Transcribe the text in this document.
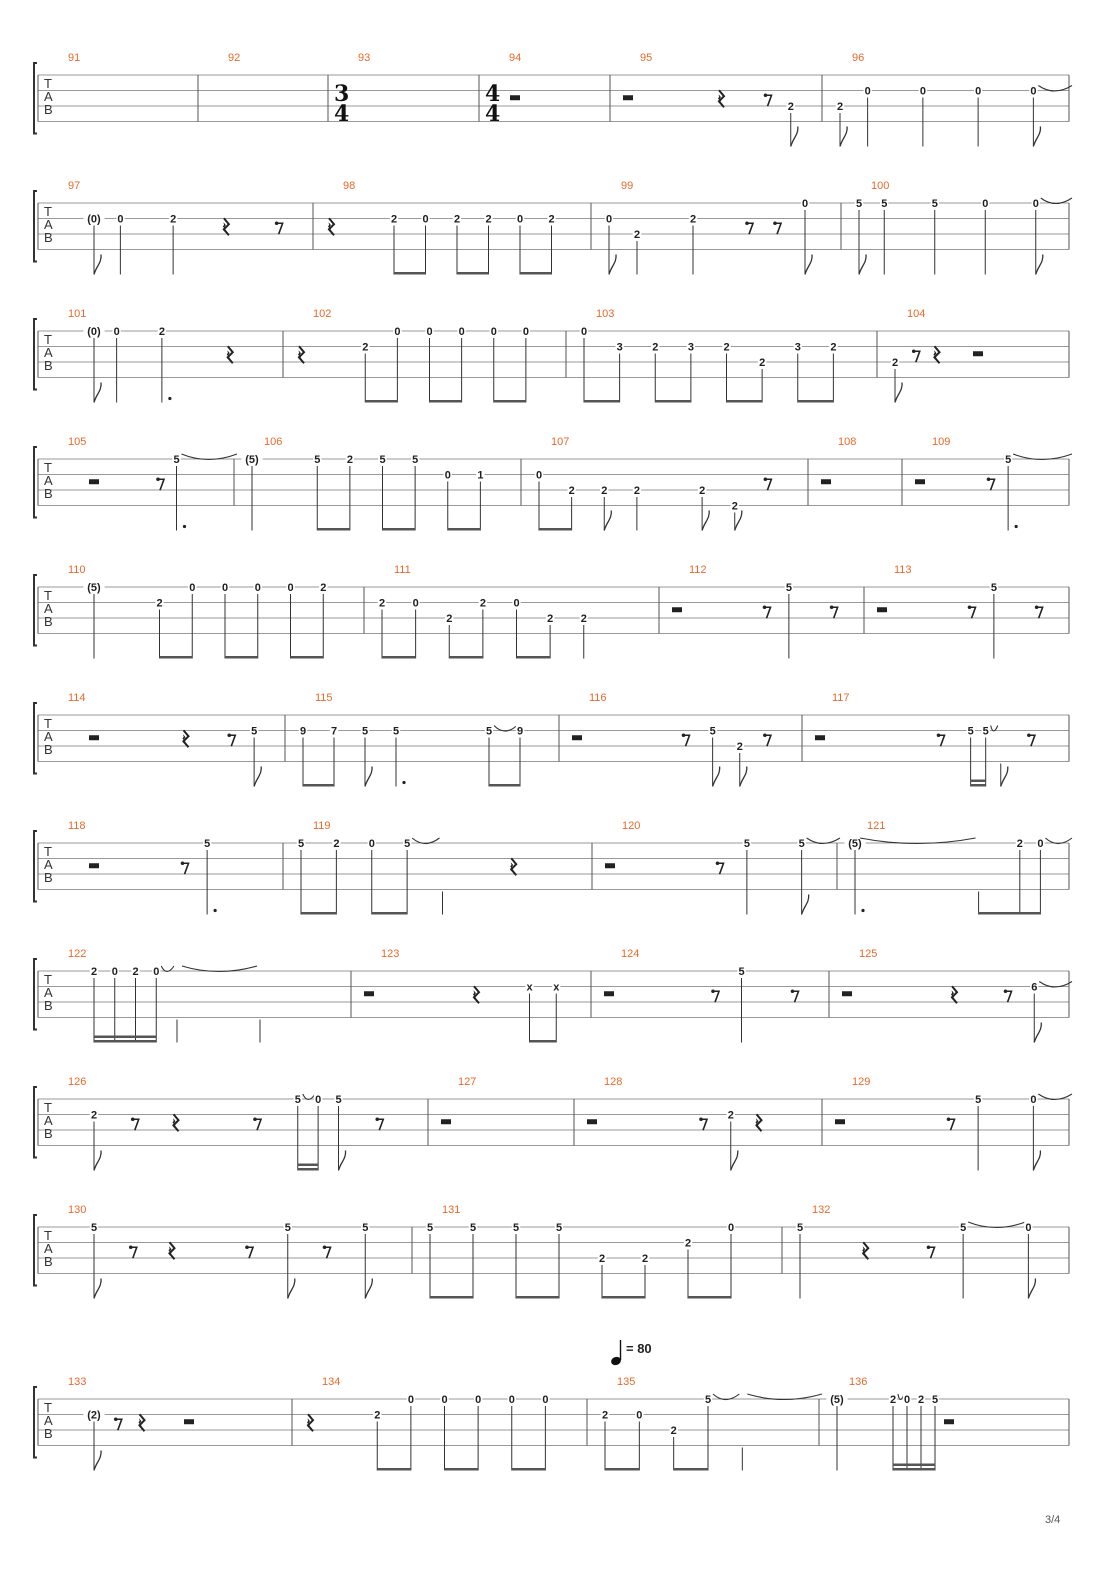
= 80
3/4
T
A
B
91	92	93
3
4
94
4
4
95
𝄽	2
96
2
0	0	0	0
T
A
B
97
(0) 0	2	𝄽
98
𝄽	2 0 2 2 0 2
99
0
2
2
0
100
5 5	5	0	0
T
A
B
101
(0) 0	2
𝄽
102
𝄽	2
0 0 0 0 0
103
0
3	2	3	2
2
3	2
104
2 𝄽
T
A
B
105
5
106
(5)	5 2 5 5
0 1
107
0
2 2 2	2
2
108	109
5
T
A
B
110
(5)
2
0 0 0 0 2
111
2	0
2
2	0
2	2
112
5
113
5
T
A
B
114
𝄽	5
115
9 7 5 5	5 9
116
5
2
117
5 5
T
A
B
118
5
119
5	2	0	5
𝄽
120
5	5
121
(5)	2 0
T
A
B
122
2 0 2 0
123
𝄽	x x
124
5
125
𝄽	6
T
A
B
126
2	𝄽
5 0 5
127	128
2 𝄽
129
5	0
T
A
B
130
5
𝄽
5	5
131
5	5	5	5
2	2
2
0
132
5
𝄽
5	0
T
A
B
133
(2) 𝄽
134
𝄽	2
0	0	0	0	0
135
2	0
2
5
136
(5)	2 0 2 5
